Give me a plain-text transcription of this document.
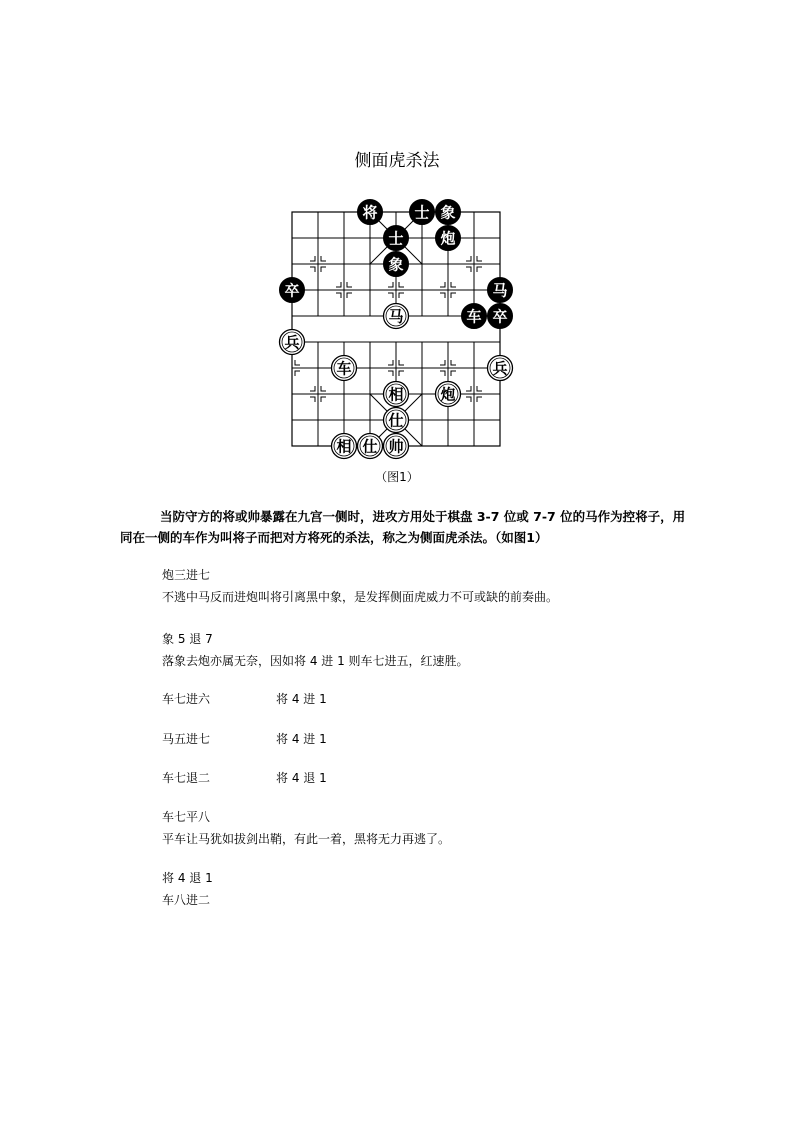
侧面虎杀法
将 士 象
士 炮
象
卒	马
车 卒
马
兵
车	兵
相 炮
仕
相 仕 帅
（图1）
当防守方的将或帅暴露在九宫一侧时，进攻方用处于棋盘 3-7 位或 7-7 位的马作为控将子，用同在一侧的车作为叫将子而把对方将死的杀法，称之为侧面虎杀法。（如图1）
炮三进七
不逃中马反而进炮叫将引离黑中象，是发挥侧面虎威力不可或缺的前奏曲。
象 5 退 7
落象去炮亦属无奈，因如将 4 进 1 则车七进五，红速胜。
车七进六	将 4 进 1
马五进七	将 4 进 1
车七退二	将 4 退 1
车七平八
平车让马犹如拔剑出鞘，有此一着，黑将无力再逃了。
将 4 退 1
车八进二
